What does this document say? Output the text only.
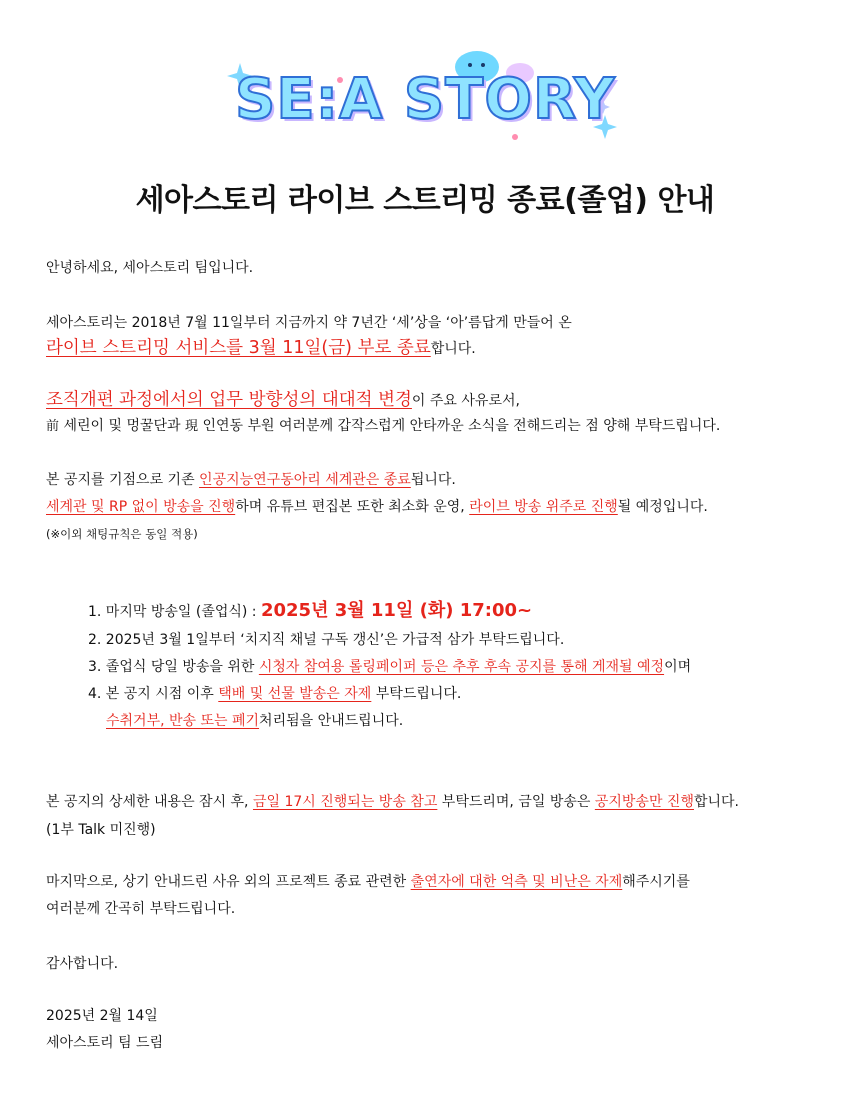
SE:A STORY
세아스토리 라이브 스트리밍 종료(졸업) 안내
안녕하세요, 세아스토리 팀입니다.
세아스토리는 2018년 7월 11일부터 지금까지 약 7년간 ‘세’상을 ‘아’름답게 만들어 온
라이브 스트리밍 서비스를 3월 11일(금) 부로 종료합니다.
조직개편 과정에서의 업무 방향성의 대대적 변경이 주요 사유로서,
前 세린이 및 멍꿀단과 現 인연동 부원 여러분께 갑작스럽게 안타까운 소식을 전해드리는 점 양해 부탁드립니다.
본 공지를 기점으로 기존 인공지능연구동아리 세계관은 종료됩니다.
세계관 및 RP 없이 방송을 진행하며 유튜브 편집본 또한 최소화 운영, 라이브 방송 위주로 진행될 예정입니다.
(※이외 채팅규칙은 동일 적용)
1. 마지막 방송일 (졸업식) : 2025년 3월 11일 (화) 17:00~
2. 2025년 3월 1일부터 ‘치지직 채널 구독 갱신’은 가급적 삼가 부탁드립니다.
3. 졸업식 당일 방송을 위한 시청자 참여용 롤링페이퍼 등은 추후 후속 공지를 통해 게재될 예정이며
4. 본 공지 시점 이후 택배 및 선물 발송은 자제 부탁드립니다.
수취거부, 반송 또는 폐기처리됨을 안내드립니다.
본 공지의 상세한 내용은 잠시 후, 금일 17시 진행되는 방송 참고 부탁드리며, 금일 방송은 공지방송만 진행합니다.
(1부 Talk 미진행)
마지막으로, 상기 안내드린 사유 외의 프로젝트 종료 관련한 출연자에 대한 억측 및 비난은 자제해주시기를
여러분께 간곡히 부탁드립니다.
감사합니다.
2025년 2월 14일
세아스토리 팀 드림
